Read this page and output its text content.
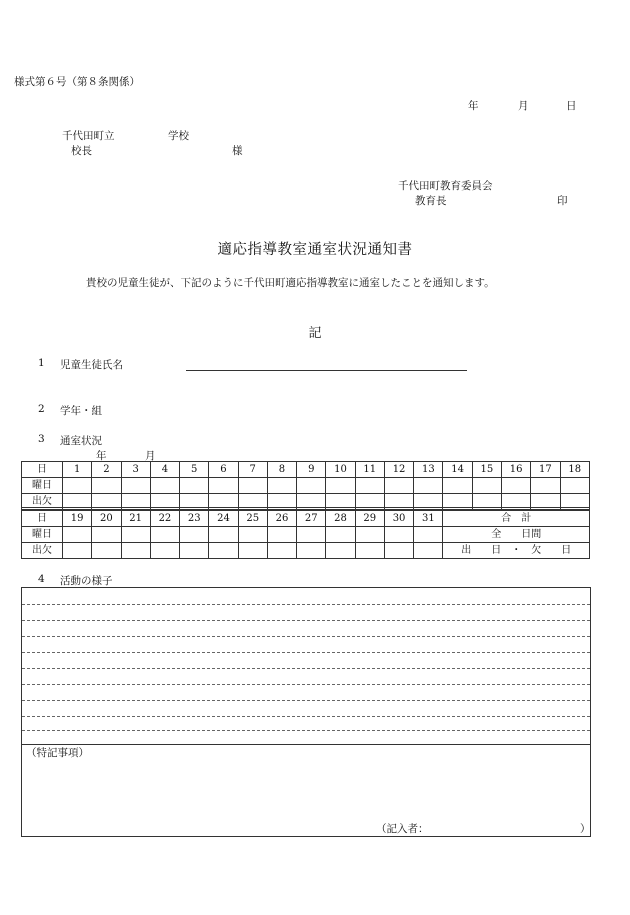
様式第６号（第８条関係）
年	月	日
千代田町立	学校
校長	様
千代田町教育委員会
教育長	印
適応指導教室通室状況通知書
貴校の児童生徒が、下記のように千代田町適応指導教室に通室したことを通知します。
記
1 児童生徒氏名
2 学年・組
3 通室状況
年	月
日	1	2	3	4	5	6	7	8	9	10	11	12	13	14	15	16	17	18
曜日																		
出欠																		
日	19	20	21	22	23	24	25	26	27	28	29	30	31	合　計
曜日														全　　日間
出欠														出　　日　・　欠　　日
4 活動の様子
（特記事項）
（記入者：	）
